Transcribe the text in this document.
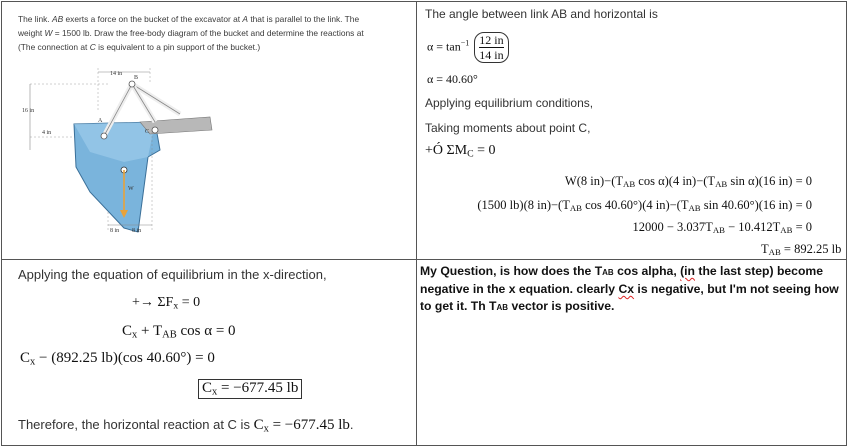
The link. AB exerts a force on the bucket of the excavator at A that is parallel to the link. The
weight W = 1500 lb. Draw the free-body diagram of the bucket and determine the reactions at
(The connection at C is equivalent to a pin support of the bucket.)
14 in
16 in
4 in
A
B
C
W
8 in 8 in
The angle between link AB and horizontal is
$\alpha = \tan^{-1} \frac{12 in}{14 in}$
α = 40.60°
Applying equilibrium conditions,
Taking moments about point C,
+Ó $\Sigma M_C = 0$
W(8 $in)-(T_{AB}$ cos α)(4 $in)-(T_{AB}$ sin α)(16 in) = 0
(1500 lb)(8 $in)-(T_{AB}$ cos 40.60°)(4 $in)-(T_{AB}$ sin 40.60°)(16 in) = 0
$12000 - 3.037T_{AB} - 10.412T_{AB} = 0$
$T_{AB} = 892.25$ lb
Applying the equation of equilibrium in the x-direction,
+→ $\Sigma F_x = 0$
$C_x + T_{AB}$ cos α = 0
$C_x - (892.25$ lb)(cos 40.60°) = 0
$C_x = -677.45$ lb
Therefore, the horizontal reaction at C is $C_x = -677.45$ lb.
My Question, is how does the TAB cos alpha, (in the last step) become negative in the x equation. clearly Cx is negative, but I'm not seeing how to get it. Th TAB vector is positive.
